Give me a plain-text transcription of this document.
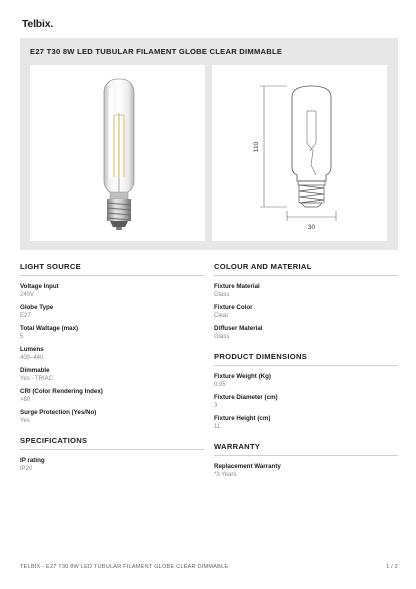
Telbix.
E27 T30 8W LED TUBULAR FILAMENT GLOBE CLEAR DIMMABLE
110
30
LIGHT SOURCE
Voltage Input
240V
Globe Type
E27
Total Wattage (max)
5
Lumens
400–440
Dimmable
Yes - TRIAC
CRI (Color Rendering Index)
>80
Surge Protection (Yes/No)
Yes
SPECIFICATIONS
IP rating
IP20
COLOUR AND MATERIAL
Fixture Material
Glass
Fixture Color
Clear
Diffuser Material
Glass
PRODUCT DIMENSIONS
Fixture Weight (Kg)
0.05
Fixture Diameter (cm)
3
Fixture Height (cm)
11
WARRANTY
Replacement Warranty
*3 Years
TELBIX - E27 T30 8W LED TUBULAR FILAMENT GLOBE CLEAR DIMMABLE	1 / 2
